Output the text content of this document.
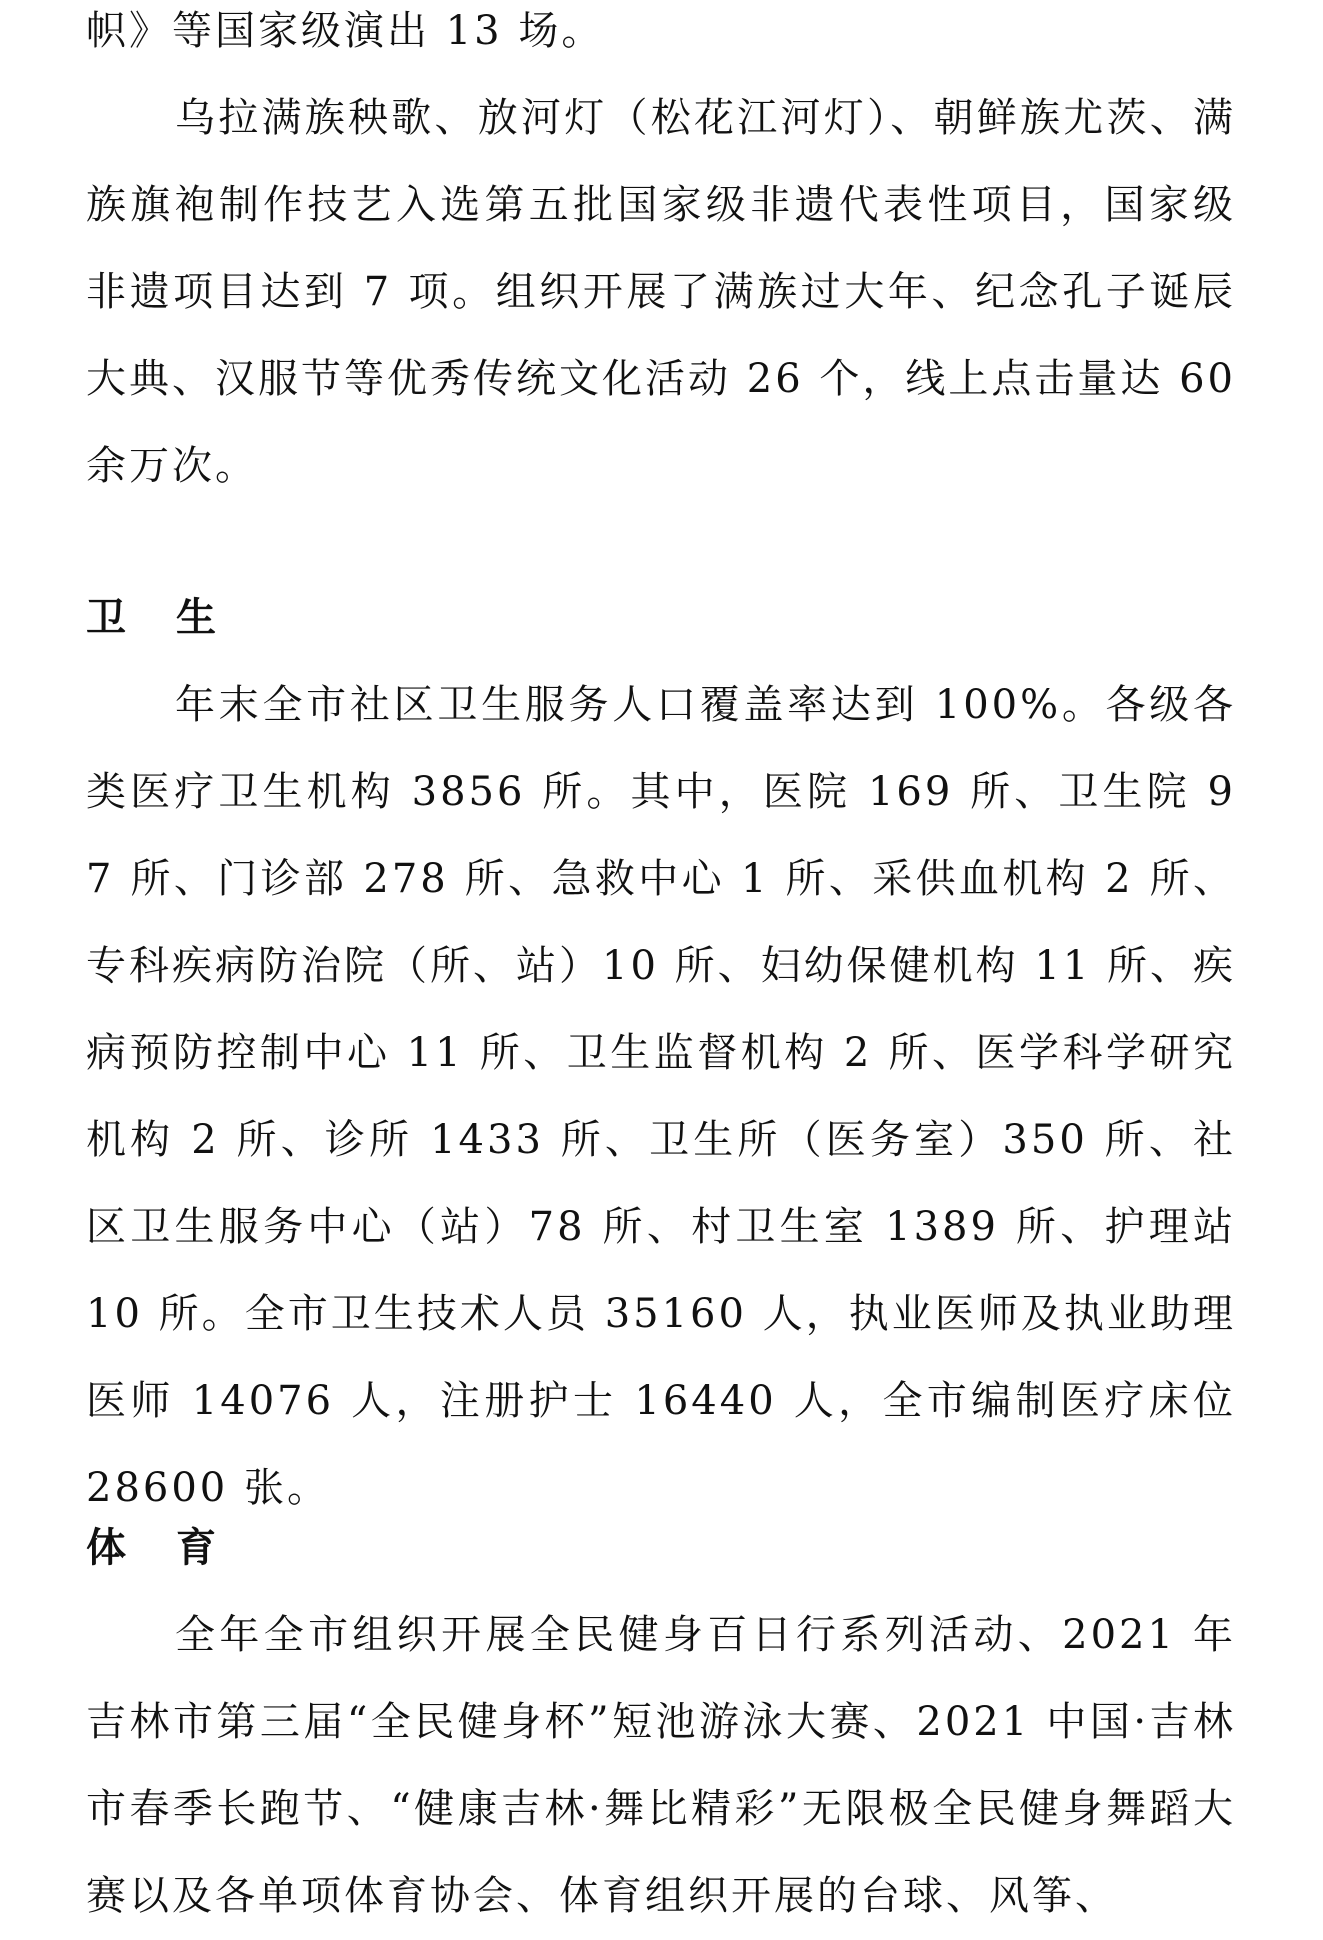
帜》等国家级演出 13 场。

乌拉满族秧歌、放河灯（松花江河灯）、朝鲜族尤茨、满族旗袍制作技艺入选第五批国家级非遗代表性项目，国家级非遗项目达到 7 项。组织开展了满族过大年、纪念孔子诞辰大典、汉服节等优秀传统文化活动 26 个，线上点击量达 60 余万次。

卫 生

年末全市社区卫生服务人口覆盖率达到 100%。各级各类医疗卫生机构 3856 所。其中，医院 169 所、卫生院 97 所、门诊部 278 所、急救中心 1 所、采供血机构 2 所、专科疾病防治院（所、站）10 所、妇幼保健机构 11 所、疾病预防控制中心 11 所、卫生监督机构 2 所、医学科学研究机构 2 所、诊所 1433 所、卫生所（医务室）350 所、社区卫生服务中心（站）78 所、村卫生室 1389 所、护理站 10 所。全市卫生技术人员 35160 人，执业医师及执业助理医师 14076 人，注册护士 16440 人，全市编制医疗床位 28600 张。

体 育

全年全市组织开展全民健身百日行系列活动、2021 年吉林市第三届“全民健身杯”短池游泳大赛、2021 中国·吉林市春季长跑节、“健康吉林·舞比精彩”无限极全民健身舞蹈大赛以及各单项体育协会、体育组织开展的台球、风筝、
